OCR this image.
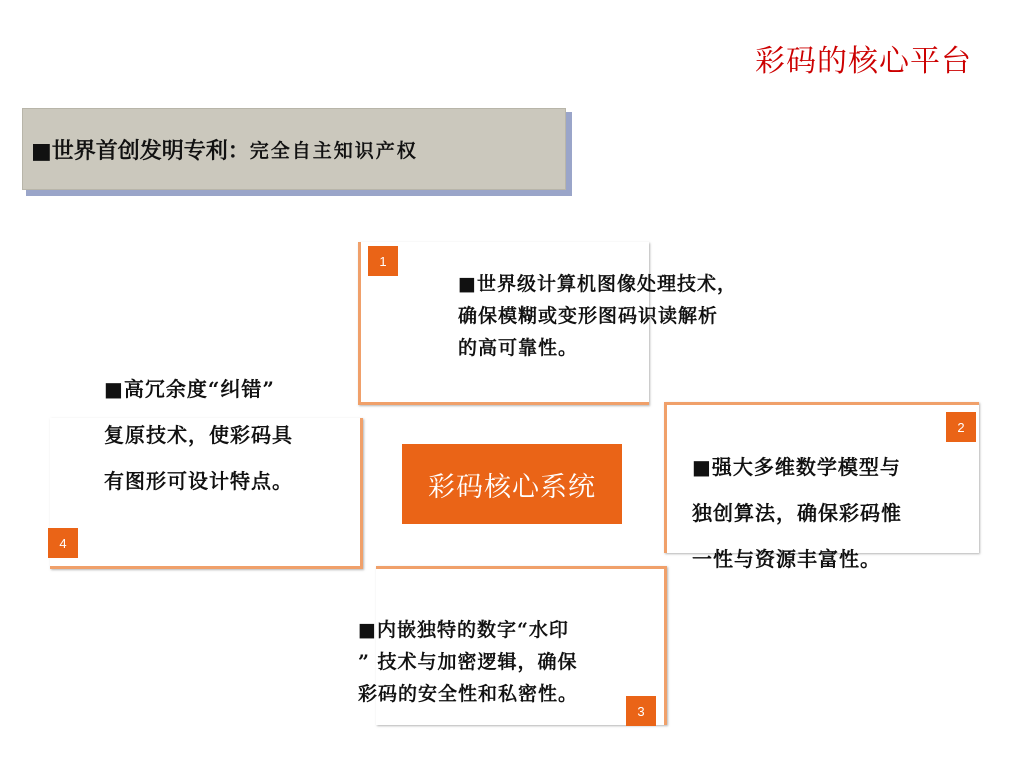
彩码的核心平台
■世界首创发明专利： 完全自主知识产权
1
2
3
4
彩码核心系统

■世界级计算机图像处理技术，

确保模糊或变形图码识读解析

的高可靠性。

■强大多维数学模型与

独创算法，确保彩码惟

一性与资源丰富性。

■内嵌独特的数字“水印

” 技术与加密逻辑，确保

彩码的安全性和私密性。

■高冗余度“纠错”

复原技术，使彩码具

有图形可设计特点。
